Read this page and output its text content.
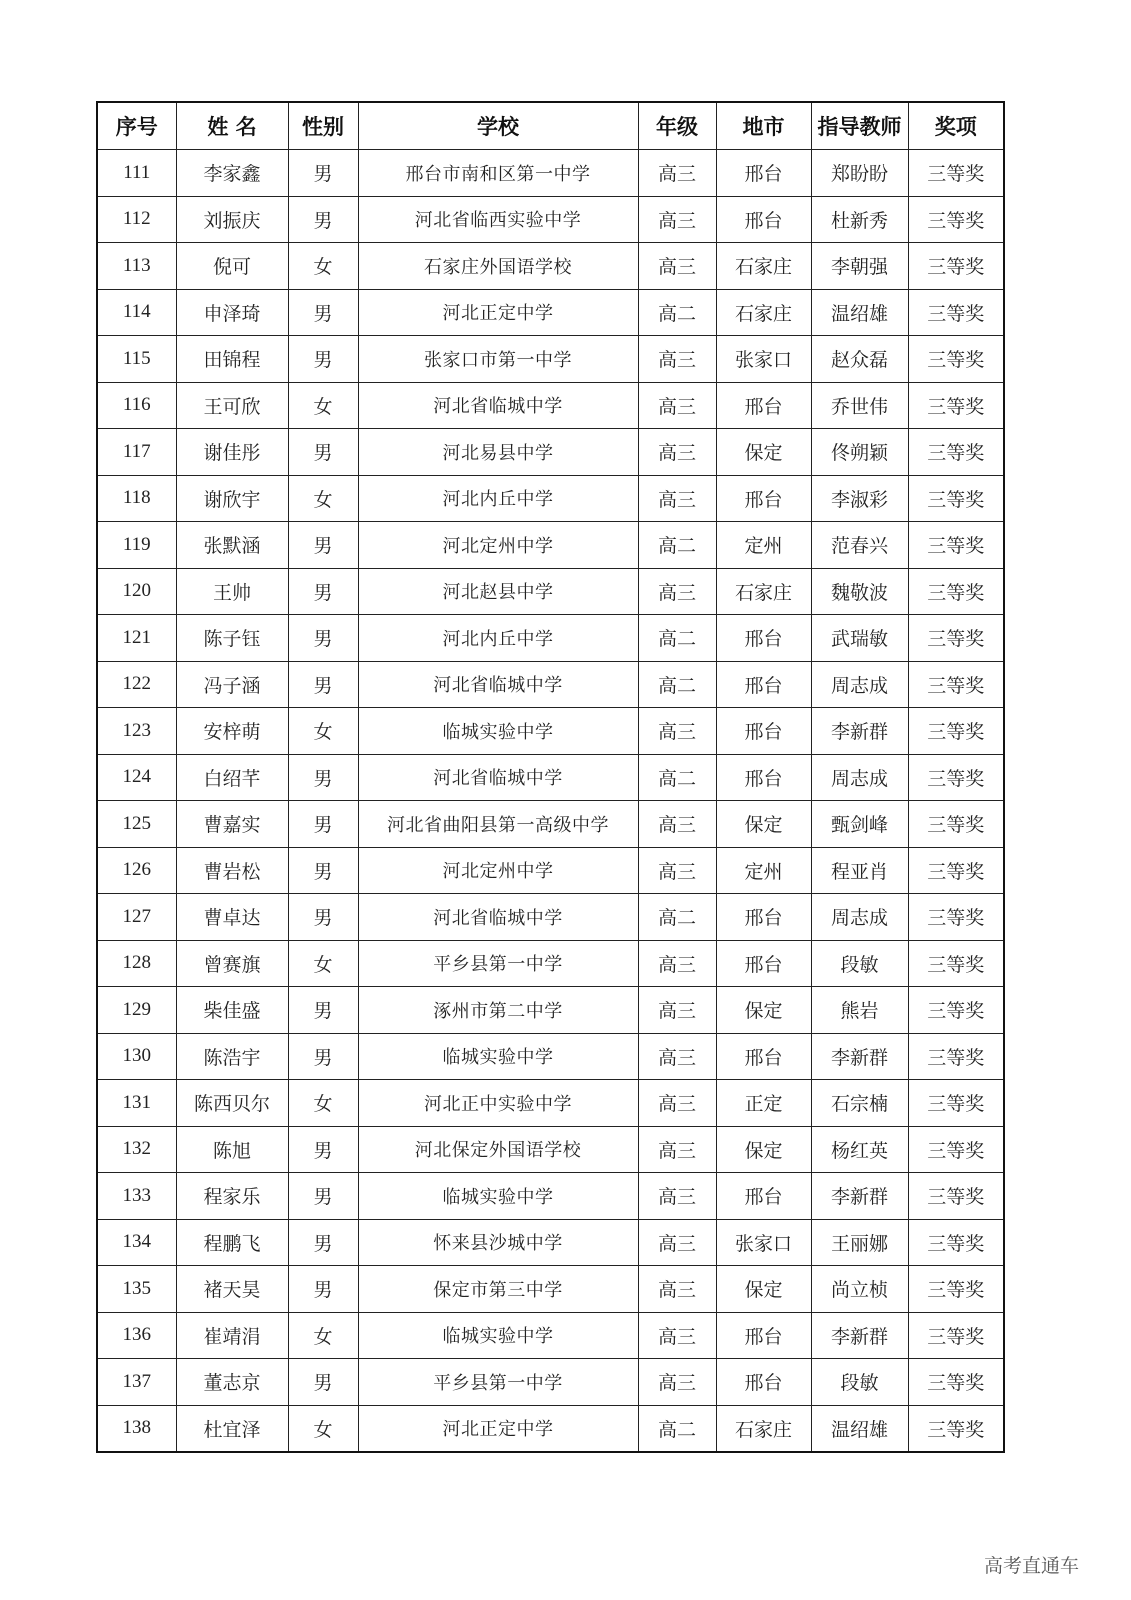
序号	姓 名	性别	学校	年级	地市	指导教师	奖项
111	李家鑫	男	邢台市南和区第一中学	高三	邢台	郑盼盼	三等奖
112	刘振庆	男	河北省临西实验中学	高三	邢台	杜新秀	三等奖
113	倪可	女	石家庄外国语学校	高三	石家庄	李朝强	三等奖
114	申泽琦	男	河北正定中学	高二	石家庄	温绍雄	三等奖
115	田锦程	男	张家口市第一中学	高三	张家口	赵众磊	三等奖
116	王可欣	女	河北省临城中学	高三	邢台	乔世伟	三等奖
117	谢佳彤	男	河北易县中学	高三	保定	佟朔颖	三等奖
118	谢欣宇	女	河北内丘中学	高三	邢台	李淑彩	三等奖
119	张默涵	男	河北定州中学	高二	定州	范春兴	三等奖
120	王帅	男	河北赵县中学	高三	石家庄	魏敬波	三等奖
121	陈子钰	男	河北内丘中学	高二	邢台	武瑞敏	三等奖
122	冯子涵	男	河北省临城中学	高二	邢台	周志成	三等奖
123	安梓萌	女	临城实验中学	高三	邢台	李新群	三等奖
124	白绍芊	男	河北省临城中学	高二	邢台	周志成	三等奖
125	曹嘉实	男	河北省曲阳县第一高级中学	高三	保定	甄剑峰	三等奖
126	曹岩松	男	河北定州中学	高三	定州	程亚肖	三等奖
127	曹卓达	男	河北省临城中学	高二	邢台	周志成	三等奖
128	曾赛旗	女	平乡县第一中学	高三	邢台	段敏	三等奖
129	柴佳盛	男	涿州市第二中学	高三	保定	熊岩	三等奖
130	陈浩宇	男	临城实验中学	高三	邢台	李新群	三等奖
131	陈西贝尔	女	河北正中实验中学	高三	正定	石宗楠	三等奖
132	陈旭	男	河北保定外国语学校	高三	保定	杨红英	三等奖
133	程家乐	男	临城实验中学	高三	邢台	李新群	三等奖
134	程鹏飞	男	怀来县沙城中学	高三	张家口	王丽娜	三等奖
135	褚天昊	男	保定市第三中学	高三	保定	尚立桢	三等奖
136	崔靖涓	女	临城实验中学	高三	邢台	李新群	三等奖
137	董志京	男	平乡县第一中学	高三	邢台	段敏	三等奖
138	杜宜泽	女	河北正定中学	高二	石家庄	温绍雄	三等奖
高考直通车
